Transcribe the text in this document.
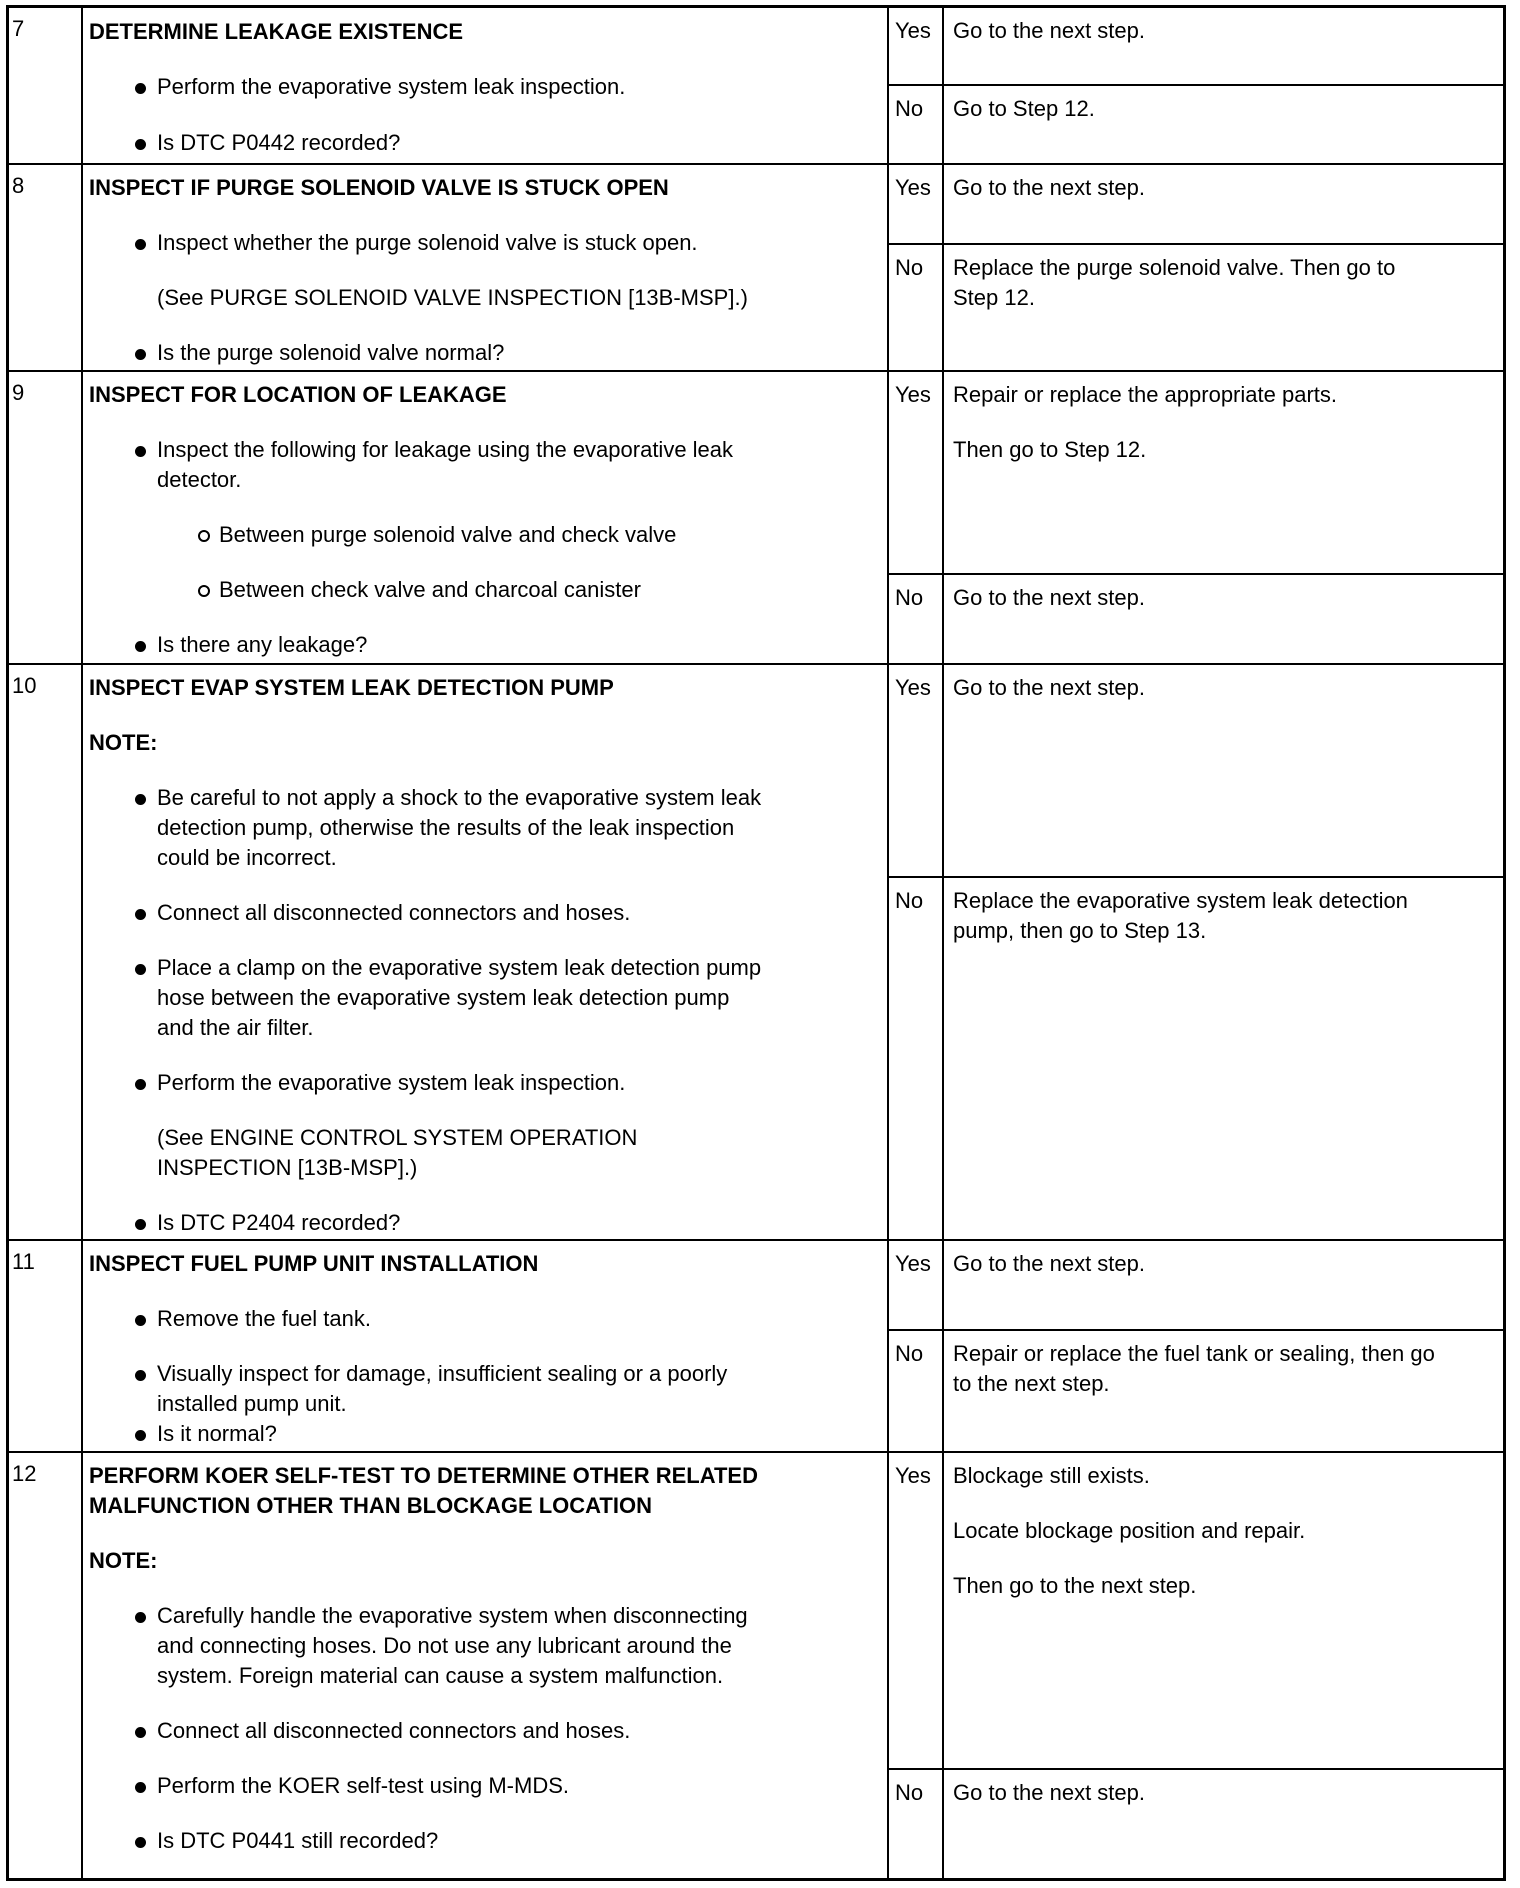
7	DETERMINE LEAKAGE EXISTENCE
Perform the evaporative system leak inspection.
Is DTC P0442 recorded?
Yes Go to the next step.
No Go to Step 12.
8	INSPECT IF PURGE SOLENOID VALVE IS STUCK OPEN
Inspect whether the purge solenoid valve is stuck open.
(See PURGE SOLENOID VALVE INSPECTION [13B-MSP].)
Is the purge solenoid valve normal?
Yes Go to the next step.
No Replace the purge solenoid valve. Then go to
Step 12.
9	INSPECT FOR LOCATION OF LEAKAGE
Inspect the following for leakage using the evaporative leak
detector.
Between purge solenoid valve and check valve
Between check valve and charcoal canister
Is there any leakage?
Yes Repair or replace the appropriate parts.
Then go to Step 12.
No Go to the next step.
10 INSPECT EVAP SYSTEM LEAK DETECTION PUMP
NOTE:
Be careful to not apply a shock to the evaporative system leak
detection pump, otherwise the results of the leak inspection
could be incorrect.
Connect all disconnected connectors and hoses.
Place a clamp on the evaporative system leak detection pump
hose between the evaporative system leak detection pump
and the air filter.
Perform the evaporative system leak inspection.
(See ENGINE CONTROL SYSTEM OPERATION
INSPECTION [13B-MSP].)
Is DTC P2404 recorded?
Yes Go to the next step.
No Replace the evaporative system leak detection
pump, then go to Step 13.
11 INSPECT FUEL PUMP UNIT INSTALLATION
Remove the fuel tank.
Visually inspect for damage, insufficient sealing or a poorly
installed pump unit.
Is it normal?
Yes Go to the next step.
No Repair or replace the fuel tank or sealing, then go
to the next step.
12 PERFORM KOER SELF-TEST TO DETERMINE OTHER RELATED
MALFUNCTION OTHER THAN BLOCKAGE LOCATION
NOTE:
Carefully handle the evaporative system when disconnecting
and connecting hoses. Do not use any lubricant around the
system. Foreign material can cause a system malfunction.
Connect all disconnected connectors and hoses.
Perform the KOER self-test using M-MDS.
Is DTC P0441 still recorded?
Yes Blockage still exists.
Locate blockage position and repair.
Then go to the next step.
No Go to the next step.
